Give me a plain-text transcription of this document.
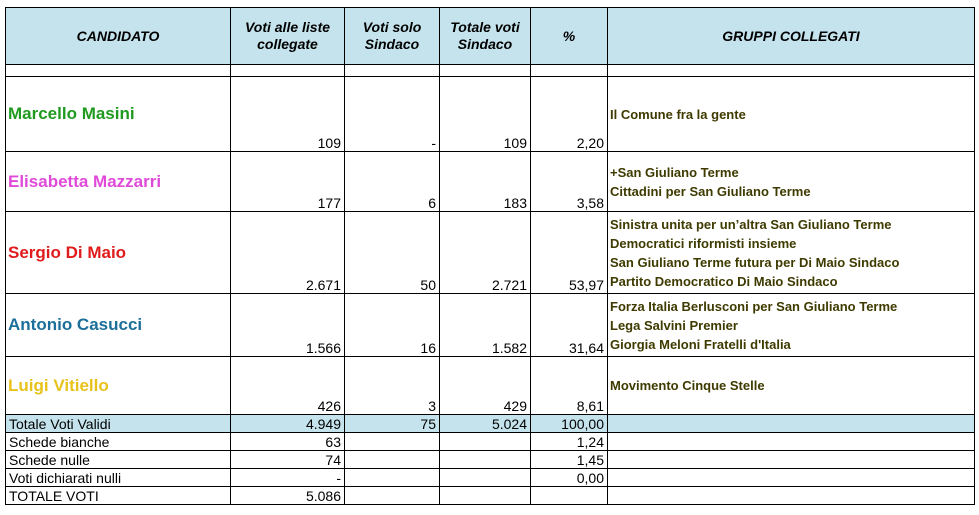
CANDIDATO	Voti alle liste collegate	Voti solo Sindaco	Totale voti Sindaco	%	GRUPPI COLLEGATI

Marcello Masini	109	-	109	2,20	Il Comune fra la gente

Elisabetta Mazzarri	177	6	183	3,58	+San Giuliano Terme
Cittadini per San Giuliano Terme

Sergio Di Maio	2.671	50	2.721	53,97	Sinistra unita per un’altra San Giuliano Terme
Democratici riformisti insieme
San Giuliano Terme futura per Di Maio Sindaco
Partito Democratico Di Maio Sindaco

Antonio Casucci	1.566	16	1.582	31,64	Forza Italia Berlusconi per San Giuliano Terme
Lega Salvini Premier
Giorgia Meloni Fratelli d'Italia

Luigi Vitiello	426	3	429	8,61	Movimento Cinque Stelle

Totale Voti Validi	4.949	75	5.024	100,00	
Schede bianche	63			1,24	
Schede nulle	74			1,45	
Voti dichiarati nulli	-			0,00	
TOTALE VOTI	5.086				
